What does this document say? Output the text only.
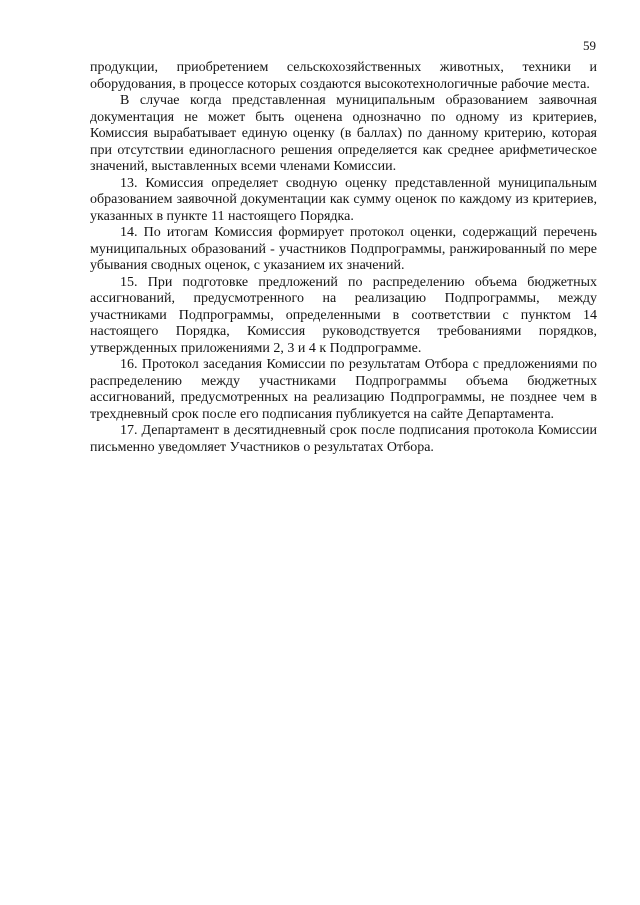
59

продукции, приобретением сельскохозяйственных животных, техники и оборудования, в процессе которых создаются высокотехнологичные рабочие места.

В случае когда представленная муниципальным образованием заявочная документация не может быть оценена однозначно по одному из критериев, Комиссия вырабатывает единую оценку (в баллах) по данному критерию, которая при отсутствии единогласного решения определяется как среднее арифметическое значений, выставленных всеми членами Комиссии.

13. Комиссия определяет сводную оценку представленной муниципальным образованием заявочной документации как сумму оценок по каждому из критериев, указанных в пункте 11 настоящего Порядка.

14. По итогам Комиссия формирует протокол оценки, содержащий перечень муниципальных образований - участников Подпрограммы, ранжированный по мере убывания сводных оценок, с указанием их значений.

15. При подготовке предложений по распределению объема бюджетных ассигнований, предусмотренного на реализацию Подпрограммы, между участниками Подпрограммы, определенными в соответствии с пунктом 14 настоящего Порядка, Комиссия руководствуется требованиями порядков, утвержденных приложениями 2, 3 и 4 к Подпрограмме.

16. Протокол заседания Комиссии по результатам Отбора с предложениями по распределению между участниками Подпрограммы объема бюджетных ассигнований, предусмотренных на реализацию Подпрограммы, не позднее чем в трехдневный срок после его подписания публикуется на сайте Департамента.

17. Департамент в десятидневный срок после подписания протокола Комиссии письменно уведомляет Участников о результатах Отбора.
